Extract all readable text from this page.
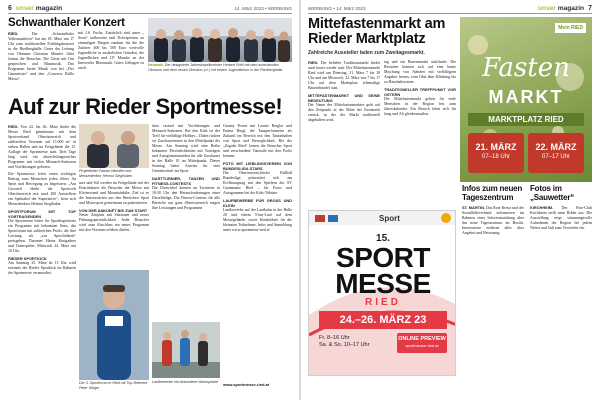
6 unser magazin	14. März 2023 • WERBUNG
Schwanthaler Konzert
RIED.	Der „Schwanthaler Volksmusikfest“ hat am 18. März um 17 Uhr zum traditionellen Frühlingskonzert in die Riedberghalle. Unter der Leitung von Obmann Christian Mamler führt Jonina die Besucher. Die Gäste mit Gut gesprochen und Blasmusik. Das Programm bietet Musik von bei „Der Gaumeister“ und den „Concerto Brilla Miosa“.
mit J.S. Fuchs, Zusätzlich sind unter „ Sexti“ aufbereitet und Ticketpreisen zu einmaligen Dingen rundum für die die Zuhörer 400 bis 500 Euro wertvolle Jugendliche in zusätzlichen Gründen, die Jugendlichen und J.P. Mamler an der Innviertler Blasmusik. Gutes Gelingen ist rasch.
Neuwahl. Der designierte Jahreskapellmeister Herbert Roth mit dem scheidenden Obmann und dem neuen Obmann (v.l.) mit ersten Jugendlichen in der Riedberghalle.
Auf zur Rieder Sportmesse!
RIED. Von 24. bis 26. März findet die Messe Ried gemeinsam mit dem Sportverband Oberösterreich und zahlreichen Vereinen auf 15.000 m² in sieben Hallen und im Freigelände die 15. Auflage der Sportmesse statt. Drei Tage lang wird ein abwechslungsreiches Programm mit vielen Mitmach-Stationen und Vorführungen geboten.
Die Sportmesse feiert einen wichtigen Beitrag zum Menschen jeden Alters für Sport und Bewegung zu begeistern. „Am Grossteil bleibt die Sportwelt Oberösterreich mit rund 200 Ausstellern ein Spektakel der Superlative“, freut sich Messedirektor Helmut Sieglhuber.
SPORTFORUM MIT TOP VORTRAGENDEN
Die Sportmesse bietet für Sportbegeisterte ein Programm mit bekannten Stars, das Sportforum mit zahlreichen Profis, die ihre Leistung als „zur Sportlichkeit“ preisgeben. Darunter Heinz Kinigadner und Teamspieler. Mittwoch 24. März um 16 Uhr.
RIEDER SPORTKICK
Am Samstag 25. März ab 13 Uhr wird erstmals der Rieder Sportkick im Rahmen der Sportmesse veranstaltet.
Projektleiter Fabian Wendler und Messedirektor Helmut Sieglhuber.
mes und Stil werden im Freigelände mit der Eintrittskarte die Besucher der Messe mit Kletterwand und Mountainbike. Ziel ist es die Interessierten aus den Bereichen Sport und Motorsport gemeinsam zu präsentieren.
VON DER ANKUNFT BIS ZUM START
Neuer Zeitplan mit Stationen und neuer Führungspersönlichkeit. Jeder Besucher wird zum Abschluss ein neues Programm mit den Vereinen erleben dürfen.
Der 3. Sportforum in Ried mit Top-Referent Peter Stöger
dem rasend mit Vorführungen und Mitmach-Stationen. Bei den Kids ist der Treff für vielfältige Hobbys – Dabei rücken sie Zuschauerinnen in den Mittelpunkt der Messe. Am Sonntag wird eine Reihe bekannter Persönlichkeiten mit Vorträgen und Autogrammstunden für alle Zuschauer in der Halle 10 im Mittelpunkt. Dieser Sonntag bietet Anreize für eine Gemeinschaft im Sport.
DARTTURNIER, TANZEN UND FITNESS-CONTESTS
Die Dartwirbel kennen an Turnieren in 10:30 Uhr den Herausforderungen einer Darteliteliga. Die Fitness-Contests für alle Bereiche aus ganz Oberösterreich zeigen ihre Leistungen und Programme.
Laufbewerbe mit besonderer Atmosphäre
Granny Power mit Leonie Bergler und Emma Riegl, die Tanzperformerin als Zukunft im Bereich mit den Tanzinhalten von Sport und Beweglichkeit. Bei der „Zugabe Ried“ lernen die Besucher Sport und verschiedene Tanzstile mit den Profis kennen.
FOTO MIT LIEBLINGSVEREIN VON BUNDESLIGA STARS
Die Oberösterreichische Fußball Bundesliga präsentiert sich am Eröffnungstag mit den Spielern der SV Guntamatic Ried – für Fotos und Autogramme bei der Kids-Tribüne.
LAUFBEWERBE FÜR GROSS UND KLEIN
Laufbewerbe auf der Laufbahn in der Halle 20 und einem 5-km-Lauf auf dem Messegelände, sowie Kinderläufe für die kleinsten Teilnehmer. Infos und Anmeldung unter www.sportmesse-ried.at
www.sportmesse-ried.at
WERBUNG • 14. März 2023	unser magazin 7
Mittefastenmarkt am
Rieder Marktplatz
Zahlreiche Aussteller laden zum Zweitagesmarkt.
RIED. Der beliebte Traditionsmarkt findet auch heuer wieder statt. Der Mittefastenmarkt Ried wird am Dienstag, 21. März 7 bis 18 Uhr und am Mittwoch, 22. März von 7 bis 17 Uhr auf dem Marktplatz (ehemalige Bauernbünde) statt.
MITTEFASTENMARKT UND SEINE BEDEUTUNG
Der Name des Mittefastenmarktes geht auf den Zeitpunkt in der Mitte der Fastenzeit zurück, in der der Markt traditionell abgehalten wird.
tag und ein Bauernmarkt stattfindet. Die Besucher können sich auf eine bunte Mischung von Ständen mit vielfältigem Angebot freuen, vom Obst über Kleidung bis zu Haushaltswaren.
TRADITIONELLER TREFFPUNKT VOR OSTERN
Der Mittefastenmarkt gehört für viele Menschen in der Region fest zum Jahreskalender. Ein Besuch lohnt sich für Jung und Alt gleichermaßen.
Mein RIED
Fasten
MARKT
MARKTPLATZ RIED
21. MÄRZ
07–18 Uhr
22. MÄRZ
07–17 Uhr
Sport
15.
SPORT
MESSE
RIED
24.–26. MÄRZ 23
Fr. 8–16 Uhr
Sa. & So. 10–17 Uhr
ONLINE PREVIEW
sportmesse-ried.at
Infos zum neuen Tageszentrum
ST. MARTIN. Das Rote Kreuz und der Sozialhilfeverband informieren im Rahmen einer Infoveranstaltung über das neue Tageszentrum im Bezirk. Interessierte erfahren alles über Angebot und Betreuung.
Fotos im „Sauwetter“
KIRCHHEIM. Der Foto-Club Kirchheim stellt neue Bilder aus. Die Ausstellung zeigt stimmungsvolle Aufnahmen der Region bei jedem Wetter und lädt zum Verweilen ein.
